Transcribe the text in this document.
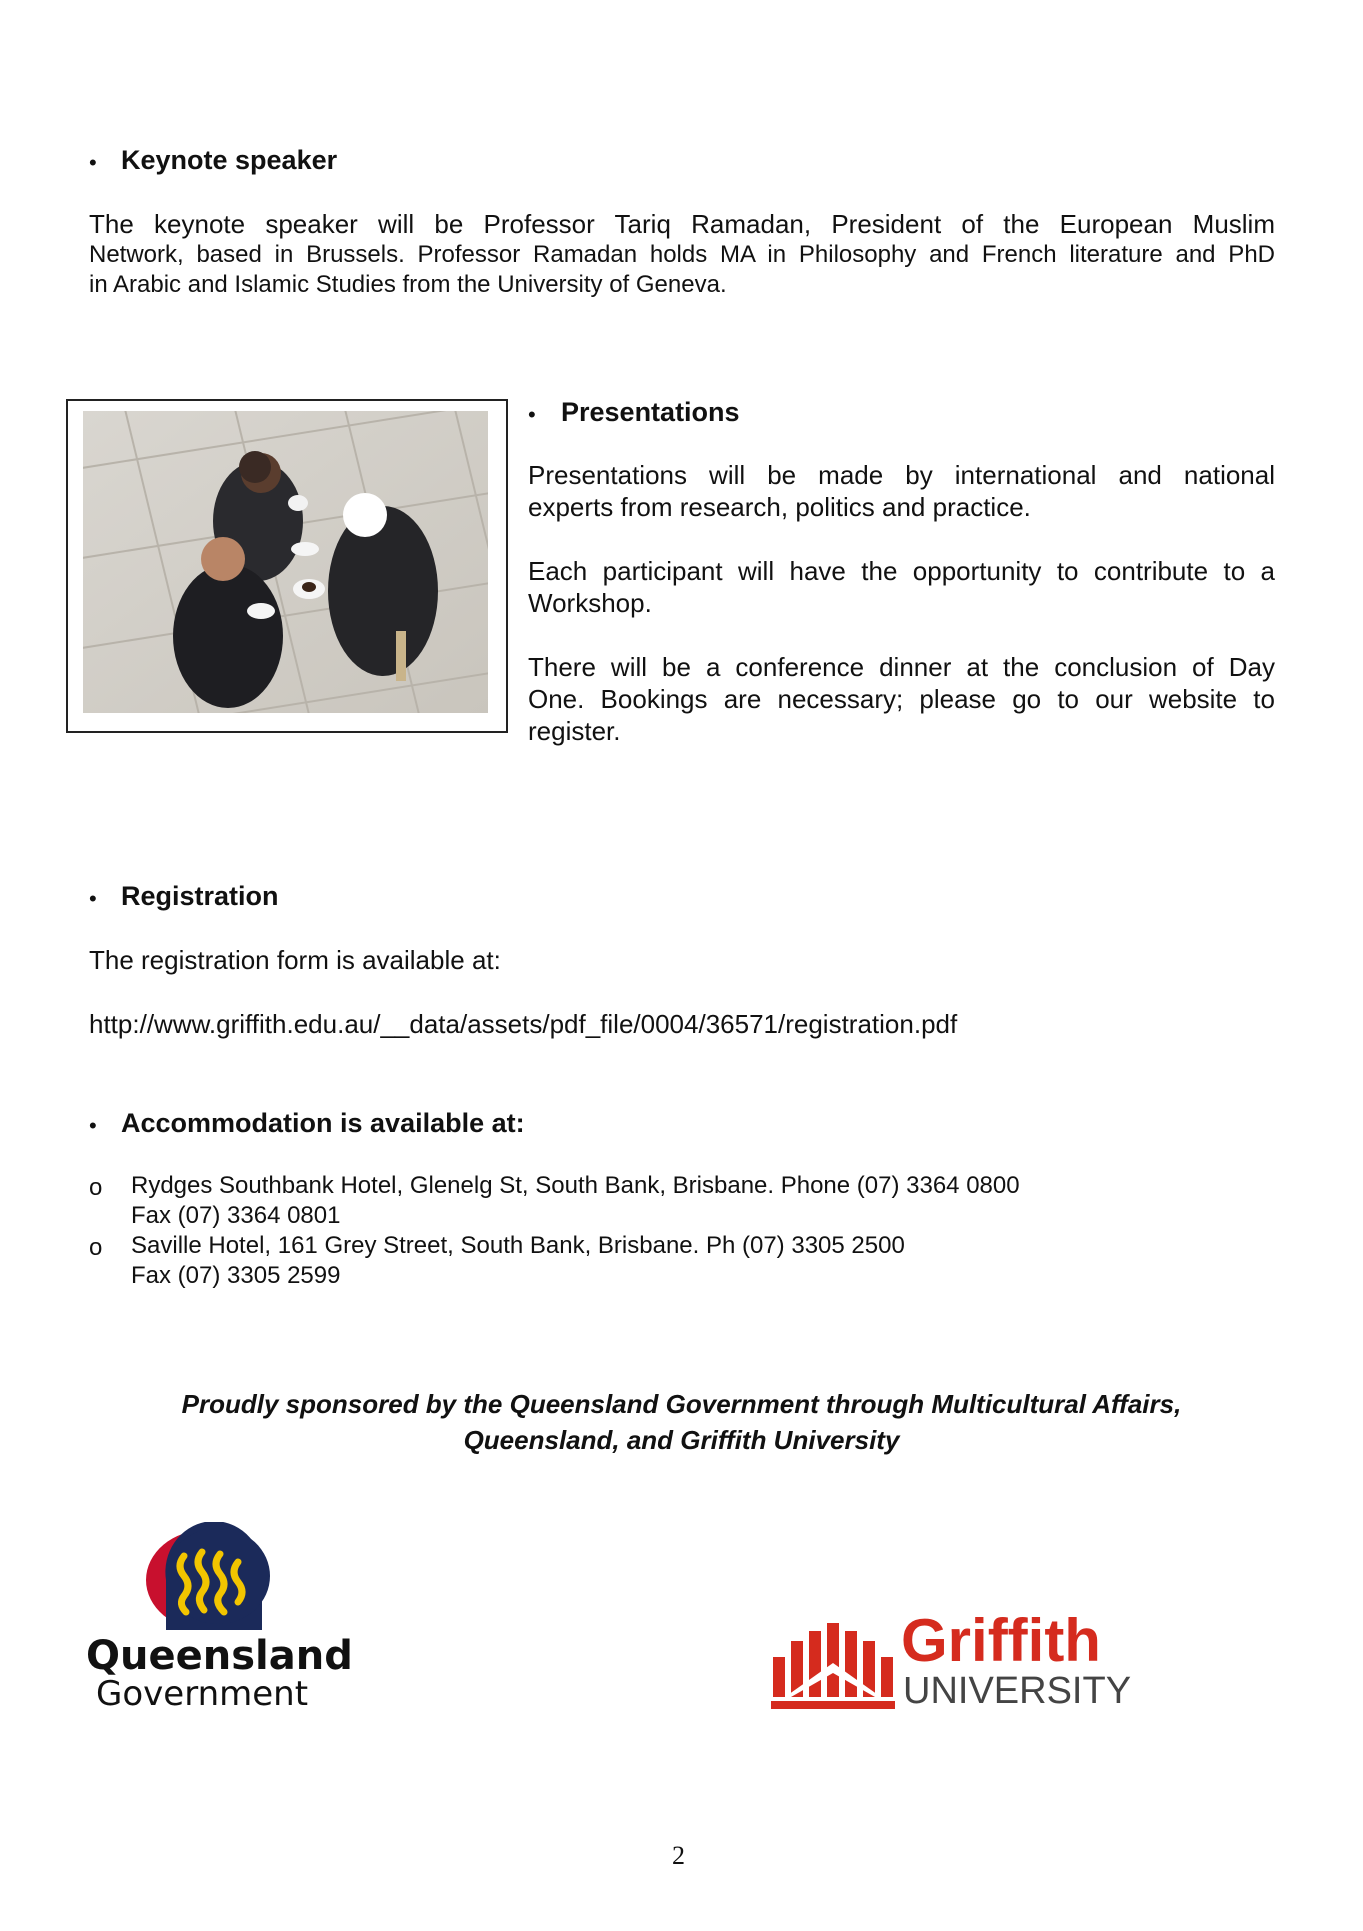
• Keynote speaker
The keynote speaker will be Professor Tariq Ramadan, President of the European Muslim
Network, based in Brussels. Professor Ramadan holds MA in Philosophy and French literature and PhD
in Arabic and Islamic Studies from the University of Geneva.
• Presentations
Presentations will be made by international and national
experts from research, politics and practice.
Each participant will have the opportunity to contribute to a
Workshop.
There will be a conference dinner at the conclusion of Day
One. Bookings are necessary; please go to our website to
register.
• Registration
The registration form is available at:
http://www.griffith.edu.au/__data/assets/pdf_file/0004/36571/registration.pdf
• Accommodation is available at:
o Rydges Southbank Hotel, Glenelg St, South Bank, Brisbane. Phone (07) 3364 0800
Fax (07) 3364 0801
o Saville Hotel, 161 Grey Street, South Bank, Brisbane. Ph (07) 3305 2500
Fax (07) 3305 2599
Proudly sponsored by the Queensland Government through Multicultural Affairs,
Queensland, and Griffith University
Queensland
Government
Griffith
UNIVERSITY
2
